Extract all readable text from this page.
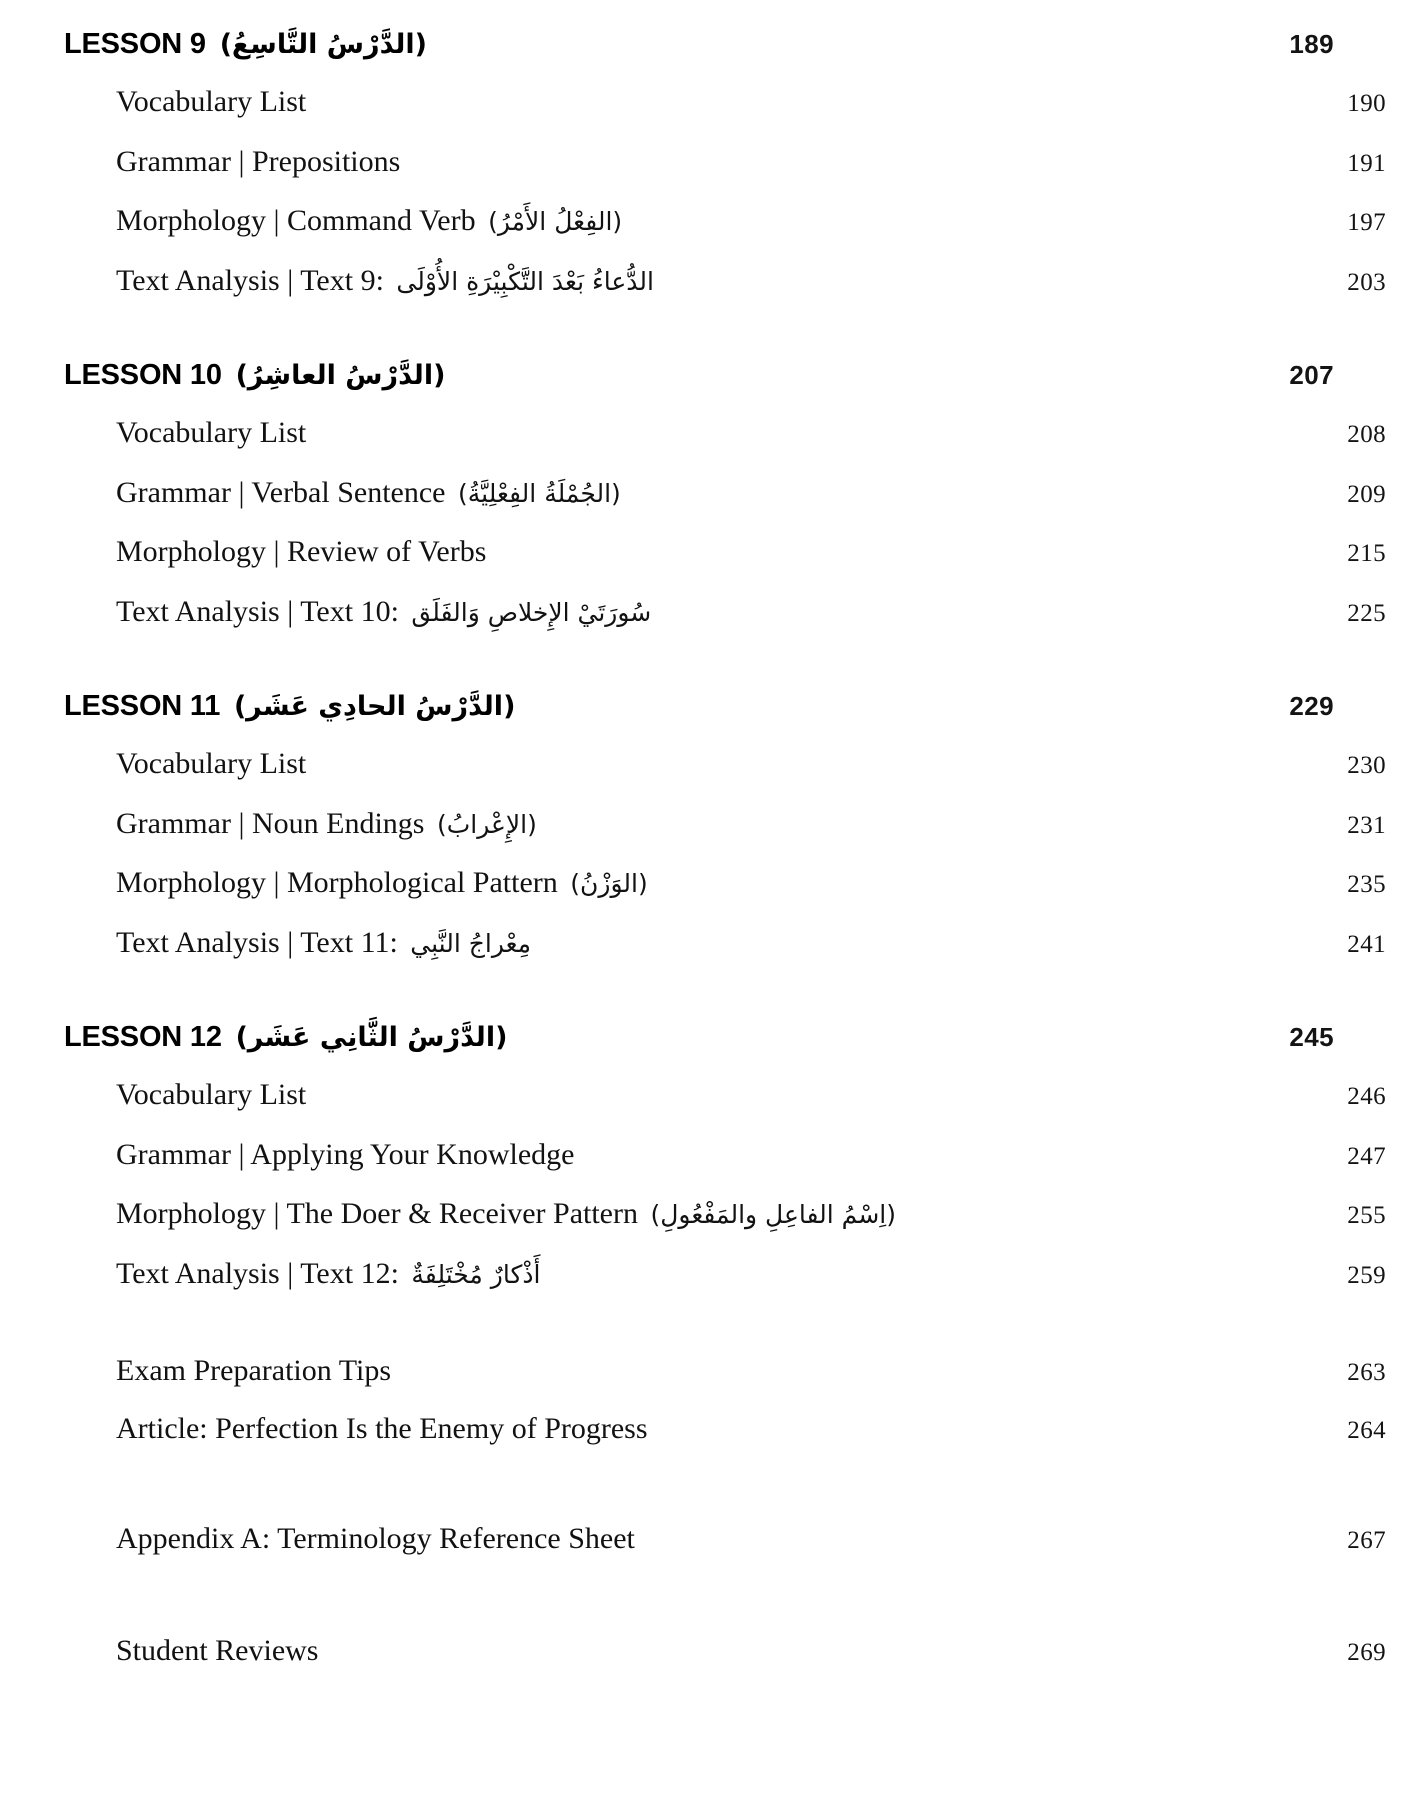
LESSON 9 (الدَّرْسُ التَّاسِعُ)	189
Vocabulary List	190
Grammar | Prepositions	191
Morphology | Command Verb (الفِعْلُ الأَمْرُ)	197
Text Analysis | Text 9: الدُّعاءُ بَعْدَ التَّكْبِيْرَةِ الأُوْلَى	203
LESSON 10 (الدَّرْسُ العاشِرُ)	207
Vocabulary List	208
Grammar | Verbal Sentence (الجُمْلَةُ الفِعْلِيَّةُ)	209
Morphology | Review of Verbs	215
Text Analysis | Text 10: سُورَتَيْ الإِخلاصِ وَالفَلَق	225
LESSON 11 (الدَّرْسُ الحادِي عَشَر)	229
Vocabulary List	230
Grammar | Noun Endings (الإِعْرابُ)	231
Morphology | Morphological Pattern (الوَزْنُ)	235
Text Analysis | Text 11: مِعْراجُ النَّبِي	241
LESSON 12 (الدَّرْسُ الثَّانِي عَشَر)	245
Vocabulary List	246
Grammar | Applying Your Knowledge	247
Morphology | The Doer & Receiver Pattern (اِسْمُ الفاعِلِ والمَفْعُولِ)	255
Text Analysis | Text 12: أَذْكارٌ مُخْتَلِفَةٌ	259
Exam Preparation Tips	263
Article: Perfection Is the Enemy of Progress	264
Appendix A: Terminology Reference Sheet	267
Student Reviews	269
